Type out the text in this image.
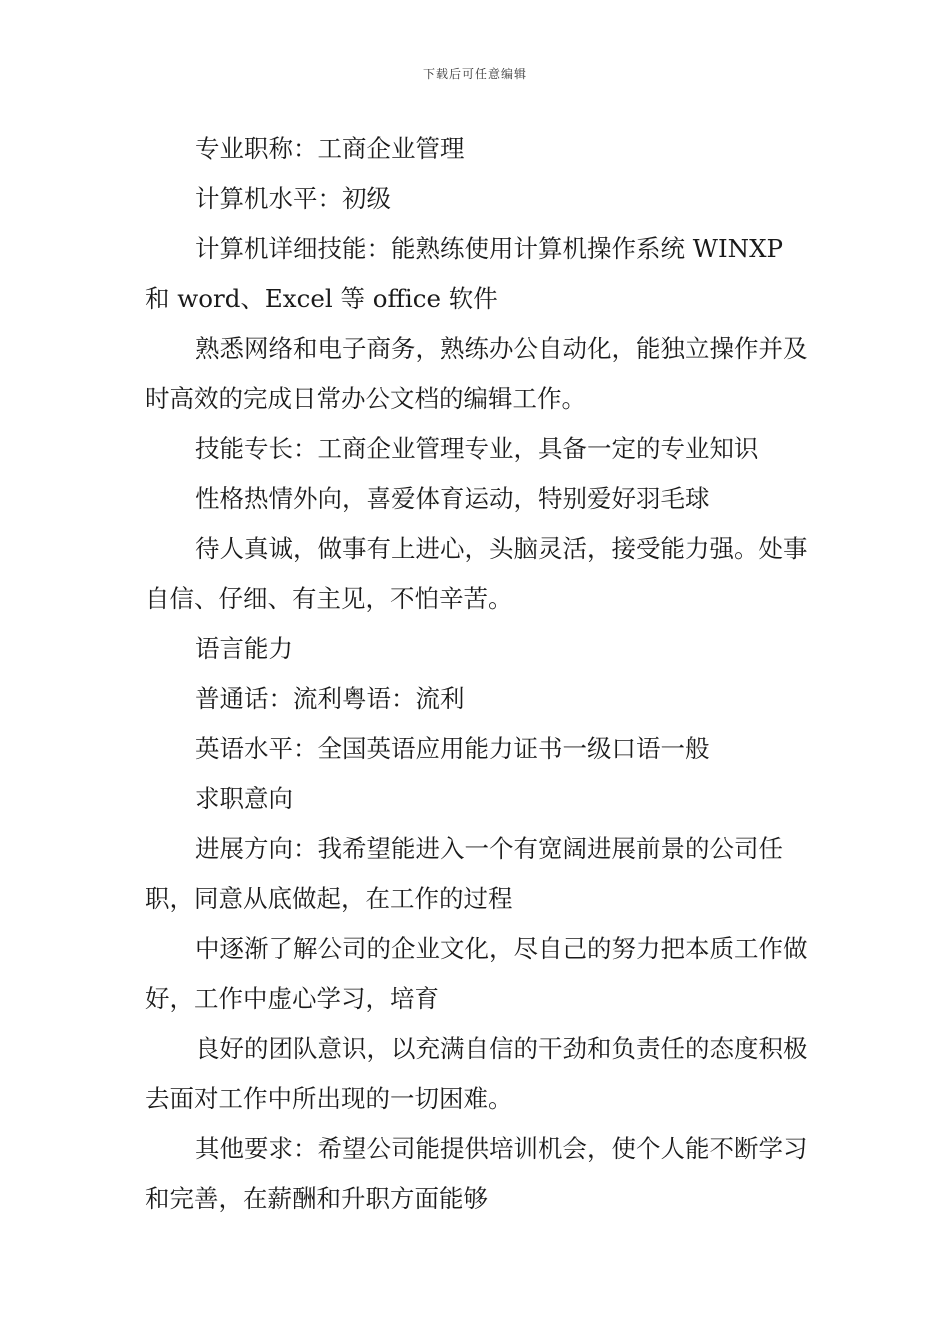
下载后可任意编辑

专业职称：工商企业管理

计算机水平：初级

计算机详细技能：能熟练使用计算机操作系统 WINXP 和 word、Excel 等 office 软件

熟悉网络和电子商务，熟练办公自动化，能独立操作并及时高效的完成日常办公文档的编辑工作。

技能专长：工商企业管理专业，具备一定的专业知识

性格热情外向，喜爱体育运动，特别爱好羽毛球

待人真诚，做事有上进心，头脑灵活，接受能力强。处事自信、仔细、有主见，不怕辛苦。

语言能力

普通话：流利粤语：流利

英语水平：全国英语应用能力证书一级口语一般

求职意向

进展方向：我希望能进入一个有宽阔进展前景的公司任职，同意从底做起，在工作的过程

中逐渐了解公司的企业文化，尽自己的努力把本质工作做好，工作中虚心学习，培育

良好的团队意识，以充满自信的干劲和负责任的态度积极去面对工作中所出现的一切困难。

其他要求：希望公司能提供培训机会，使个人能不断学习和完善，在薪酬和升职方面能够
